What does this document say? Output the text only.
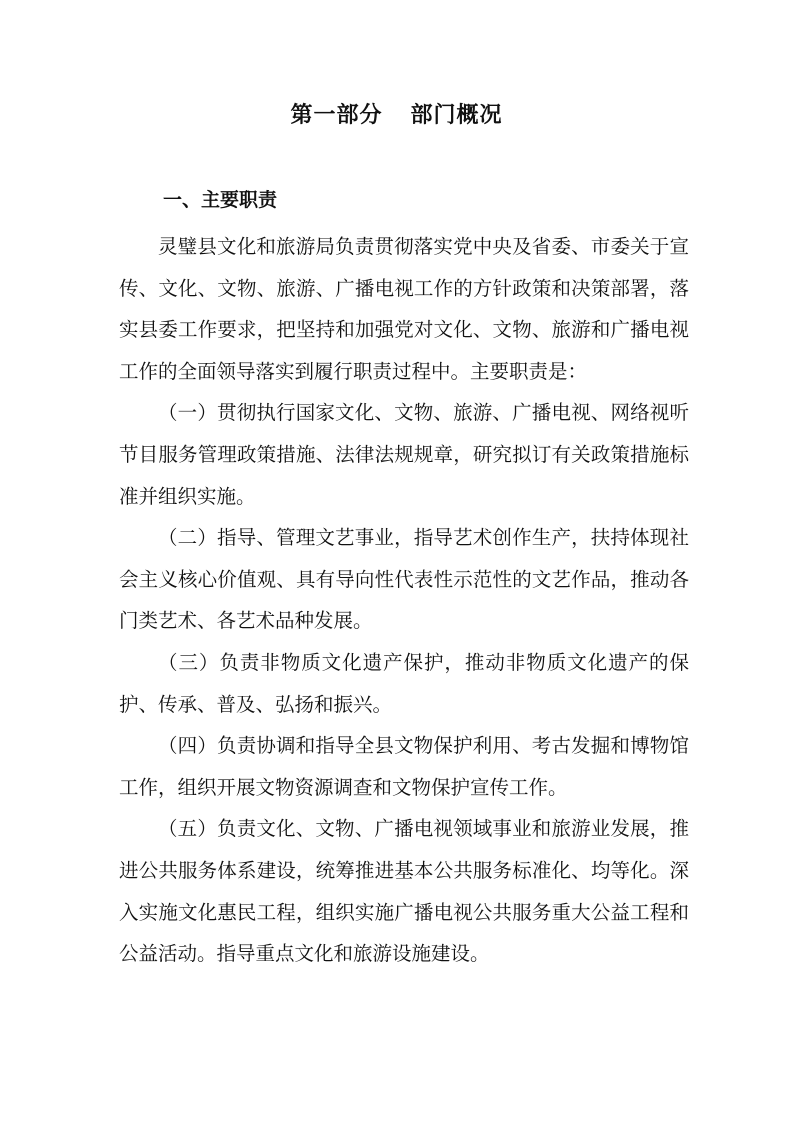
第一部分 部门概况
一、主要职责

灵璧县文化和旅游局负责贯彻落实党中央及省委、市委关于宣传、文化、文物、旅游、广播电视工作的方针政策和决策部署，落实县委工作要求，把坚持和加强党对文化、文物、旅游和广播电视工作的全面领导落实到履行职责过程中。主要职责是：

（一）贯彻执行国家文化、文物、旅游、广播电视、网络视听节目服务管理政策措施、法律法规规章，研究拟订有关政策措施标准并组织实施。

（二）指导、管理文艺事业，指导艺术创作生产，扶持体现社会主义核心价值观、具有导向性代表性示范性的文艺作品，推动各门类艺术、各艺术品种发展。

（三）负责非物质文化遗产保护，推动非物质文化遗产的保护、传承、普及、弘扬和振兴。

（四）负责协调和指导全县文物保护利用、考古发掘和博物馆工作，组织开展文物资源调查和文物保护宣传工作。

（五）负责文化、文物、广播电视领域事业和旅游业发展，推进公共服务体系建设，统筹推进基本公共服务标准化、均等化。深入实施文化惠民工程，组织实施广播电视公共服务重大公益工程和公益活动。指导重点文化和旅游设施建设。
